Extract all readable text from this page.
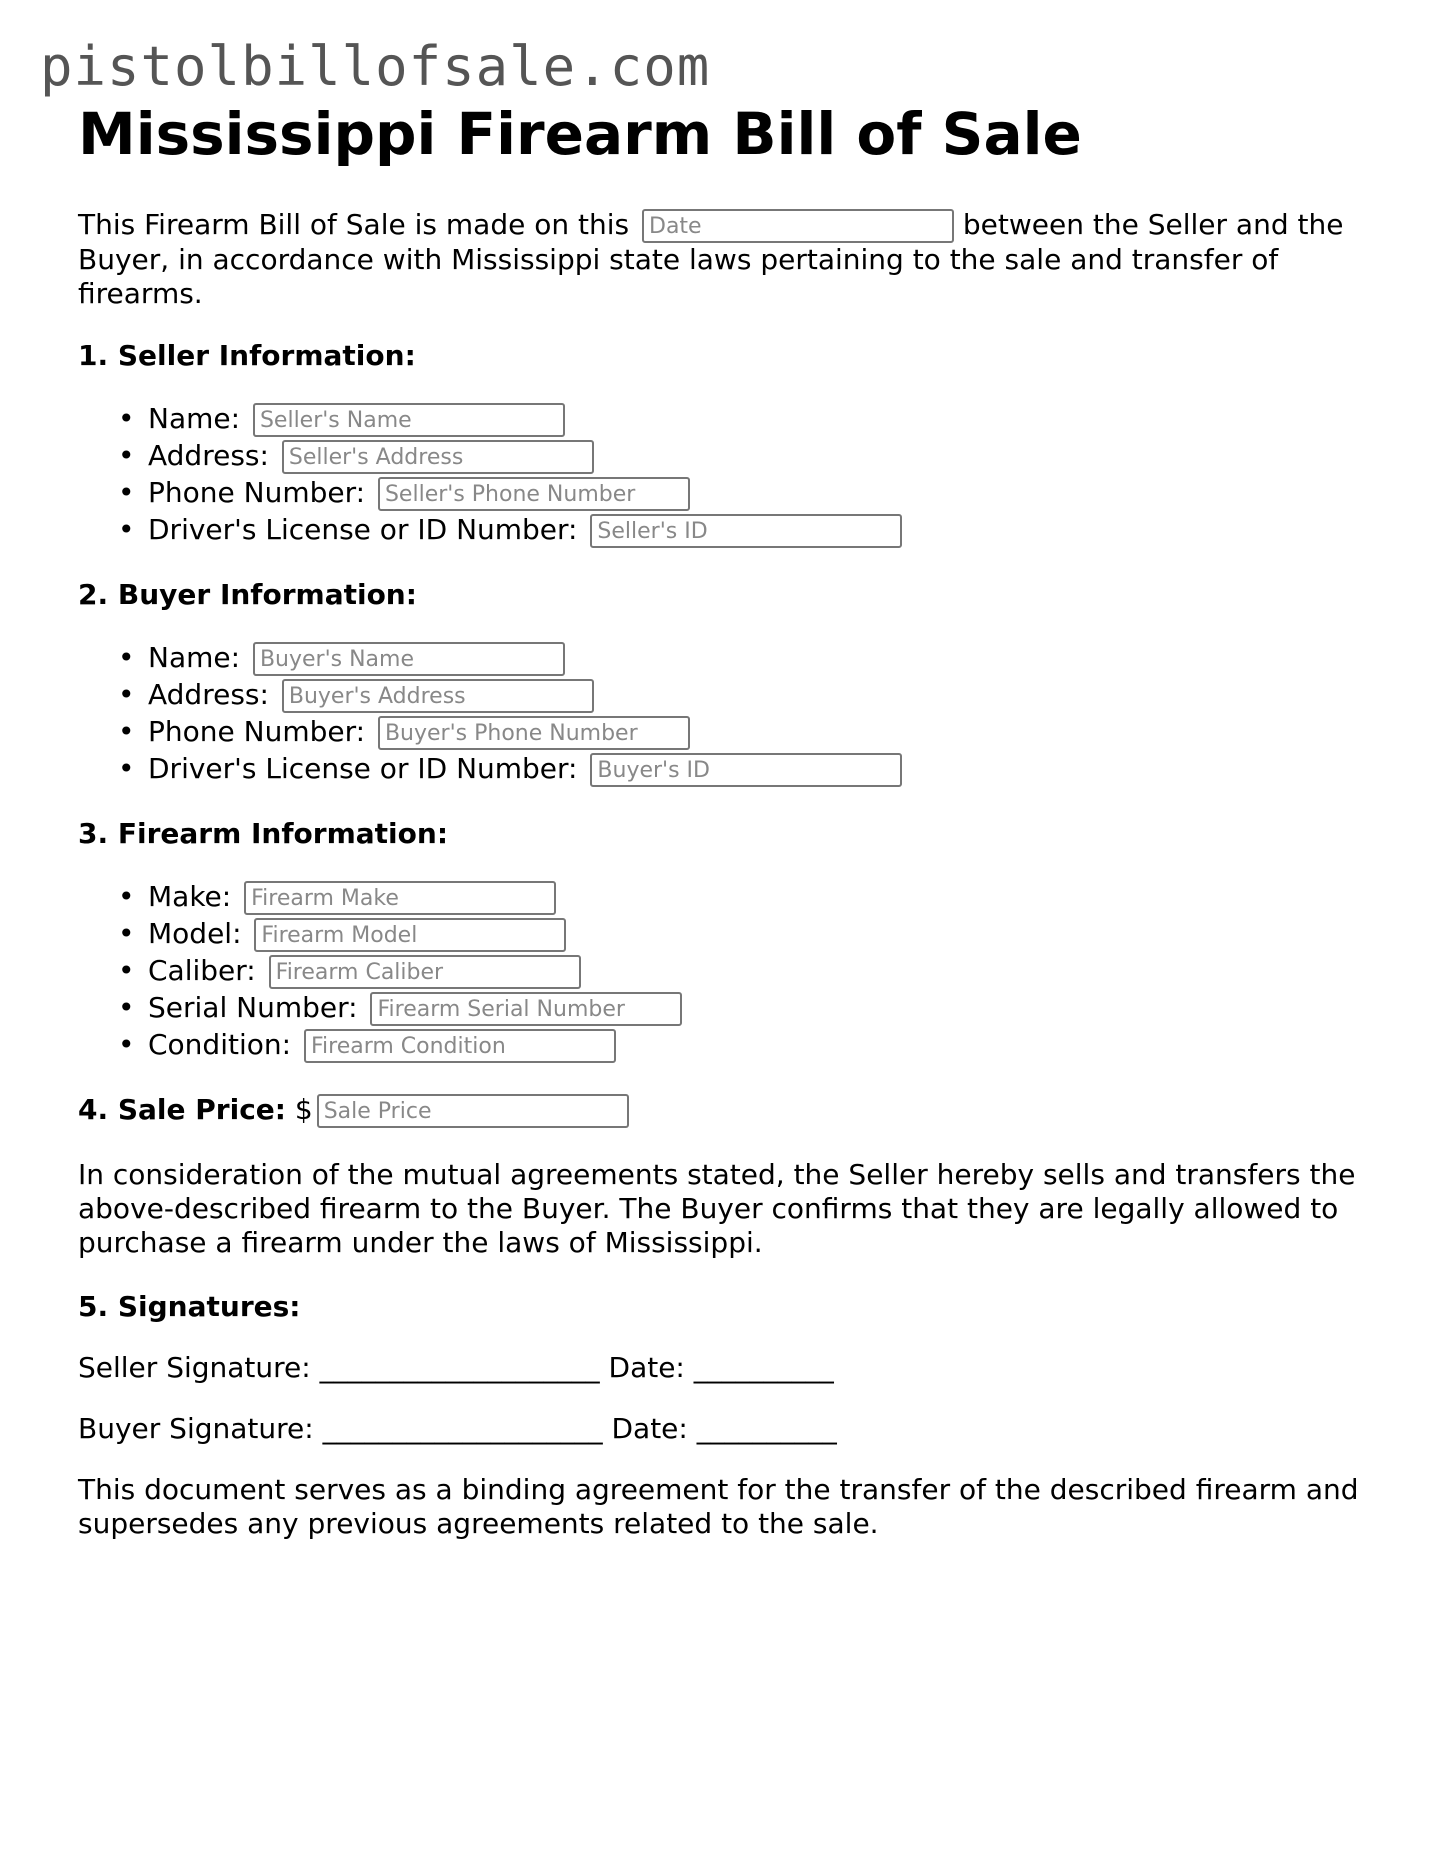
pistolbillofsale.com
Mississippi Firearm Bill of Sale

This Firearm Bill of Sale is made on this Date	between the Seller and the Buyer, in accordance with Mississippi state laws pertaining to the sale and transfer of firearms.

1. Seller Information:
• Name: Seller's Name
• Address: Seller's Address
• Phone Number: Seller's Phone Number
• Driver's License or ID Number: Seller's ID
2. Buyer Information:
• Name: Buyer's Name
• Address: Buyer's Address
• Phone Number: Buyer's Phone Number
• Driver's License or ID Number: Buyer's ID
3. Firearm Information:
• Make: Firearm Make
• Model: Firearm Model
• Caliber: Firearm Caliber
• Serial Number: Firearm Serial Number
• Condition: Firearm Condition

4. Sale Price: $Sale Price

In consideration of the mutual agreements stated, the Seller hereby sells and transfers the above-described firearm to the Buyer. The Buyer confirms that they are legally allowed to purchase a firearm under the laws of Mississippi.

5. Signatures:

Seller Signature: ____________________ Date: __________

Buyer Signature: ____________________ Date: __________

This document serves as a binding agreement for the transfer of the described firearm and supersedes any previous agreements related to the sale.
